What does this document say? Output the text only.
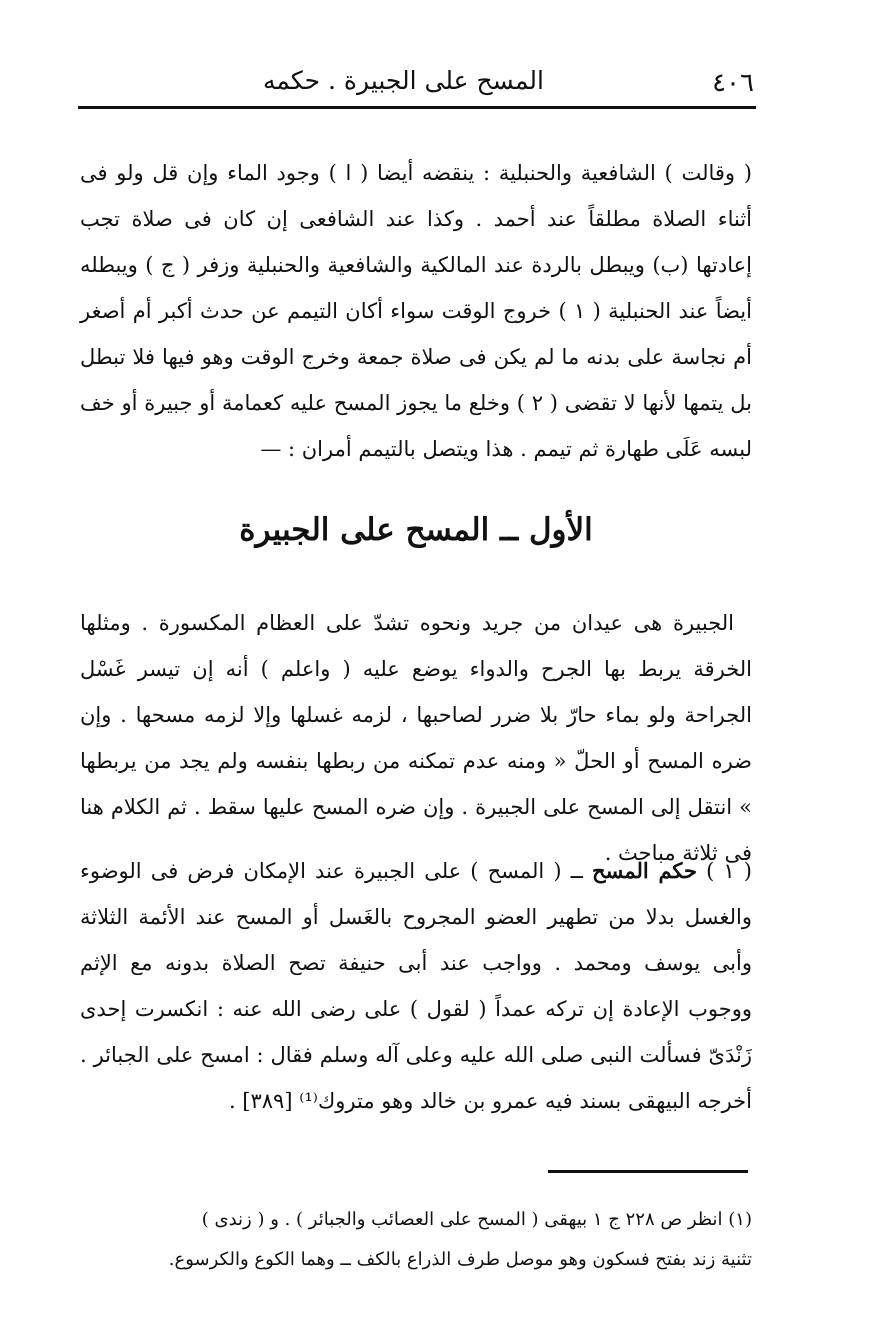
٤٠٦
المسح على الجبيرة . حكمه
( وقالت ) الشافعية والحنبلية : ينقضه أيضا ( ا ) وجود الماء وإن قل ولو فى أثناء الصلاة مطلقاً عند أحمد . وكذا عند الشافعى إن كان فى صلاة تجب إعادتها (ب) ويبطل بالردة عند المالكية والشافعية والحنبلية وزفر ( ج ) ويبطله أيضاً عند الحنبلية ( ١ ) خروج الوقت سواء أكان التيمم عن حدث أكبر أم أصغر أم نجاسة على بدنه ما لم يكن فى صلاة جمعة وخرج الوقت وهو فيها فلا تبطل بل يتمها لأنها لا تقضى ( ٢ ) وخلع ما يجوز المسح عليه كعمامة أو جبيرة أو خف لبسه عَلَى طهارة ثم تيمم . هذا ويتصل بالتيمم أمران : —
الأول ــ المسح على الجبيرة
الجبيرة هى عيدان من جريد ونحوه تشدّ على العظام المكسورة . ومثلها الخرقة يربط بها الجرح والدواء يوضع عليه ( واعلم ) أنه إن تيسر غَسْل الجراحة ولو بماء حارّ بلا ضرر لصاحبها ، لزمه غسلها وإلا لزمه مسحها . وإن ضره المسح أو الحلّ « ومنه عدم تمكنه من ربطها بنفسه ولم يجد من يربطها » انتقل إلى المسح على الجبيرة . وإن ضره المسح عليها سقط . ثم الكلام هنا فى ثلاثة مباحث .
( ١ ) حكم المسح ــ ( المسح ) على الجبيرة عند الإمكان فرض فى الوضوء والغسل بدلا من تطهير العضو المجروح بالغَسل أو المسح عند الأئمة الثلاثة وأبى يوسف ومحمد . وواجب عند أبى حنيفة تصح الصلاة بدونه مع الإثم ووجوب الإعادة إن تركه عمداً ( لقول ) على رضى الله عنه : انكسرت إحدى زَنْدَىّ فسألت النبى صلى الله عليه وعلى آله وسلم فقال : امسح على الجبائر . أخرجه البيهقى بسند فيه عمرو بن خالد وهو متروك⁽¹⁾ [٣٨٩] .

(١) انظر ص ٢٢٨ ج ١ بيهقى ( المسح على العصائب والجبائر ) . و ( زندى )

تثنية زند بفتح فسكون وهو موصل طرف الذراع بالكف ــ وهما الكوع والكرسوع.
